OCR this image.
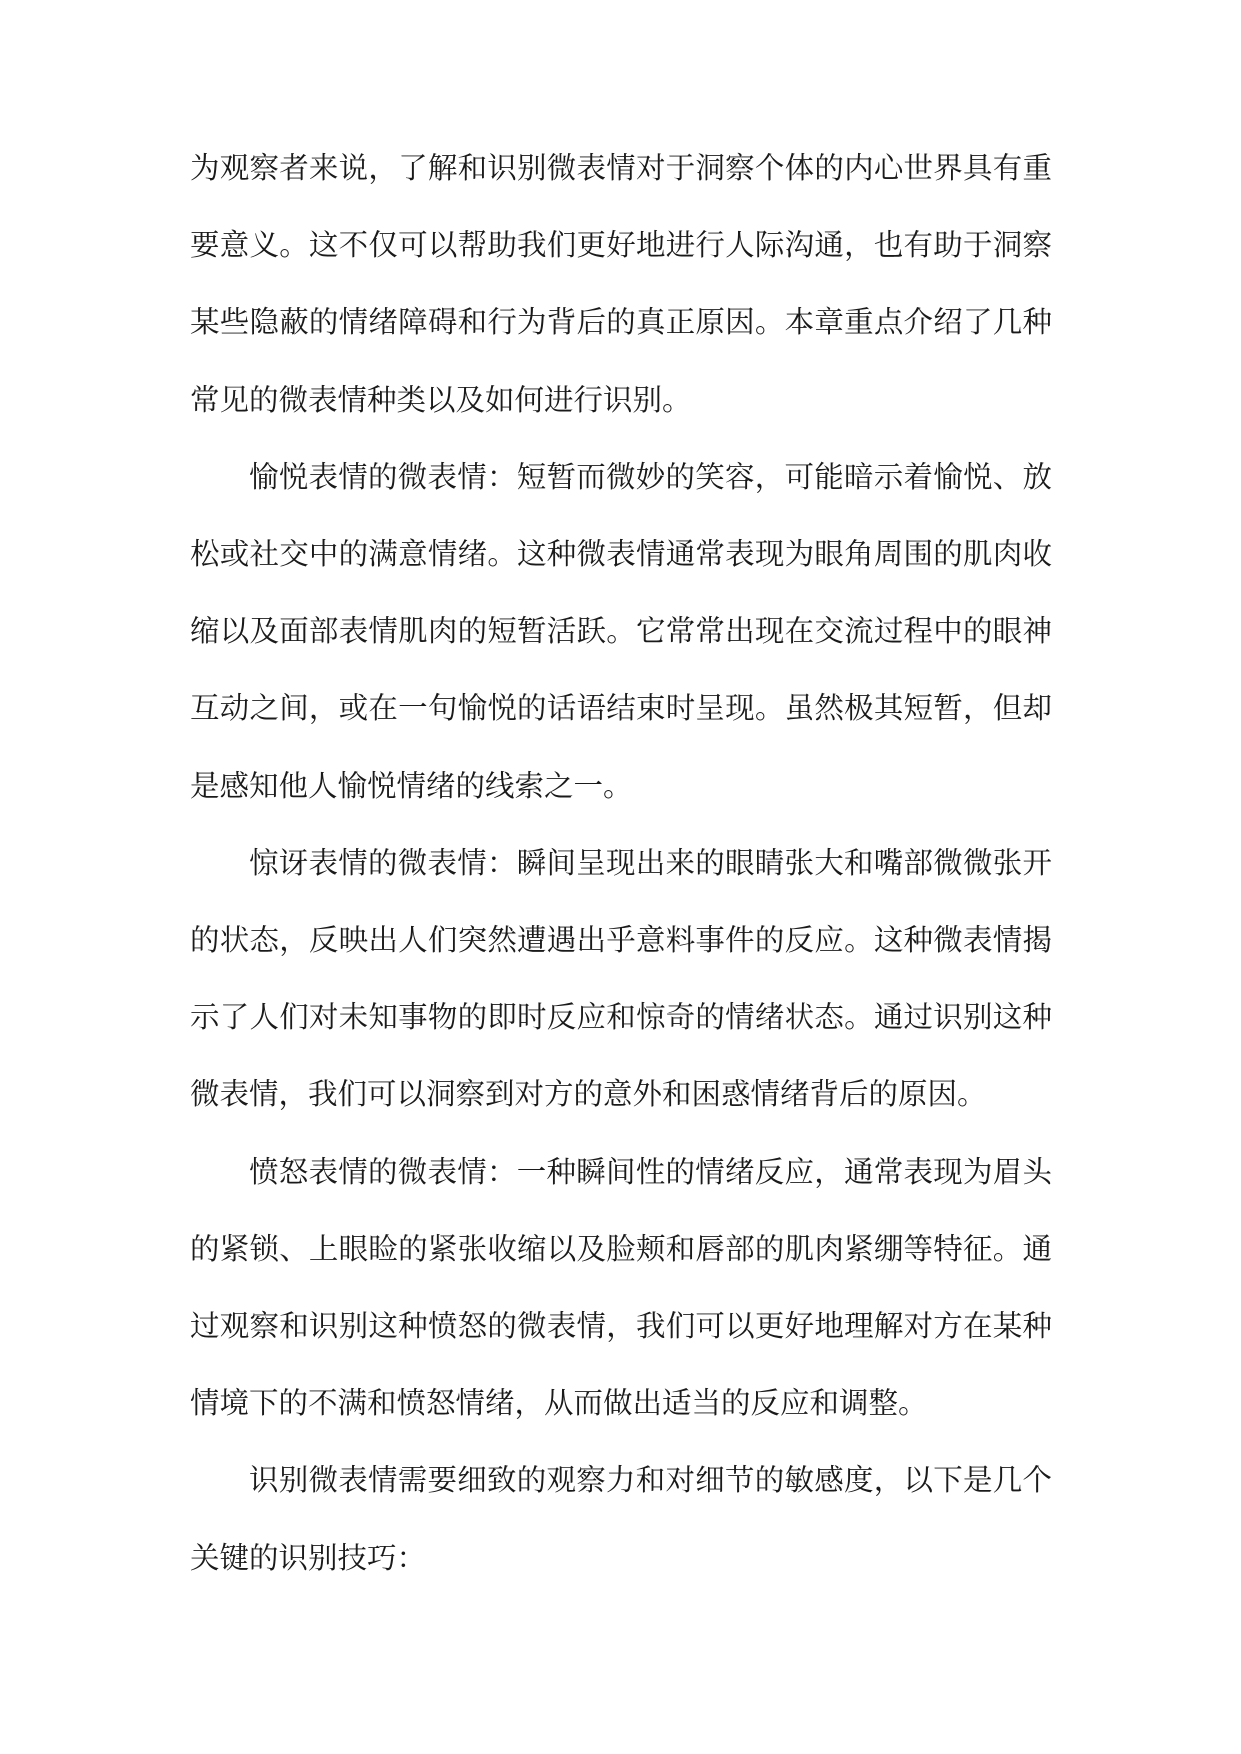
为观察者来说，了解和识别微表情对于洞察个体的内心世界具有重要意义。这不仅可以帮助我们更好地进行人际沟通，也有助于洞察某些隐蔽的情绪障碍和行为背后的真正原因。本章重点介绍了几种常见的微表情种类以及如何进行识别。

愉悦表情的微表情：短暂而微妙的笑容，可能暗示着愉悦、放松或社交中的满意情绪。这种微表情通常表现为眼角周围的肌肉收缩以及面部表情肌肉的短暂活跃。它常常出现在交流过程中的眼神互动之间，或在一句愉悦的话语结束时呈现。虽然极其短暂，但却是感知他人愉悦情绪的线索之一。

惊讶表情的微表情：瞬间呈现出来的眼睛张大和嘴部微微张开的状态，反映出人们突然遭遇出乎意料事件的反应。这种微表情揭示了人们对未知事物的即时反应和惊奇的情绪状态。通过识别这种微表情，我们可以洞察到对方的意外和困惑情绪背后的原因。

愤怒表情的微表情：一种瞬间性的情绪反应，通常表现为眉头的紧锁、上眼睑的紧张收缩以及脸颊和唇部的肌肉紧绷等特征。通过观察和识别这种愤怒的微表情，我们可以更好地理解对方在某种情境下的不满和愤怒情绪，从而做出适当的反应和调整。

识别微表情需要细致的观察力和对细节的敏感度，以下是几个关键的识别技巧：
